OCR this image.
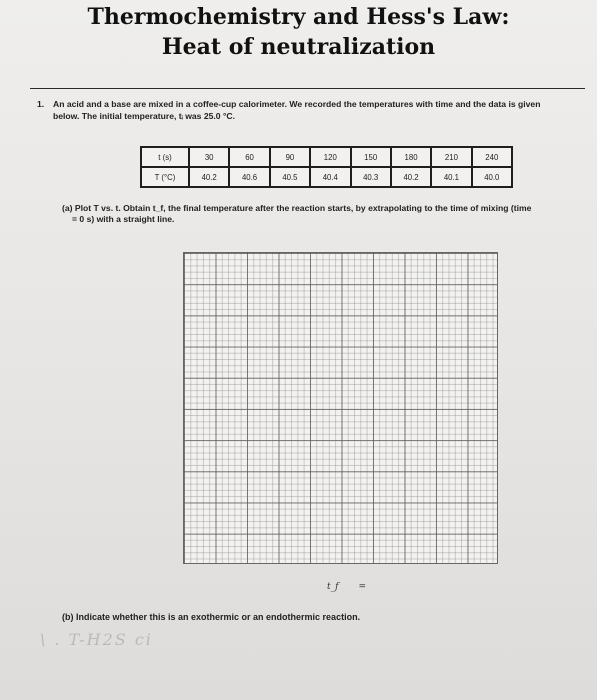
Thermochemistry and Hess's Law:
Heat of neutralization
1. An acid and a base are mixed in a coffee-cup calorimeter. We recorded the temperatures with time and the data is given
below. The initial temperature, tᵢ was 25.0 °C.
t (s)	30	60	90	120	150	180	210	240
T (°C)	40.2	40.6	40.5	40.4	40.3	40.2	40.1	40.0
(a) Plot T vs. t. Obtain t_f, the final temperature after the reaction starts, by extrapolating to the time of mixing (time
= 0 s) with a straight line.
t_f =
(b) Indicate whether this is an exothermic or an endothermic reaction.
\ . T-H2S ci
